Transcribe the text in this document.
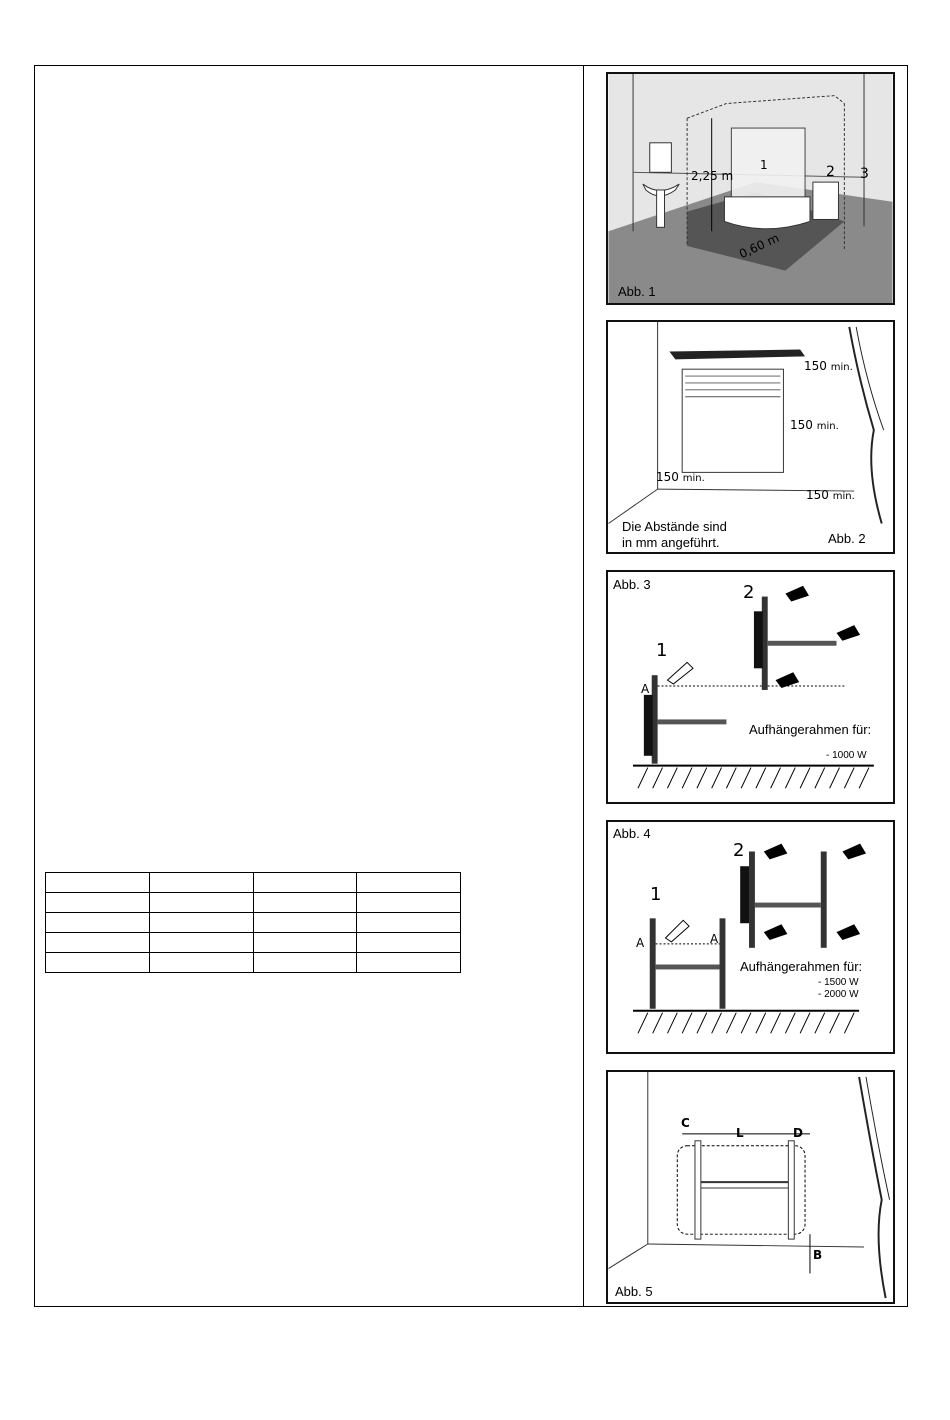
1	2 3
2,25 m
0,60 m
Abb. 1
150 min.
150 min.
150 min.
150 min.
Die Abstände sind
in mm angeführt.	Abb. 2
Abb. 3
1
2
A
Aufhängerahmen für:
- 1000 W
Abb. 4
1
2
A	A
Aufhängerahmen für:
- 1500 W
- 2000 W
C
L	D
B
Abb. 5
